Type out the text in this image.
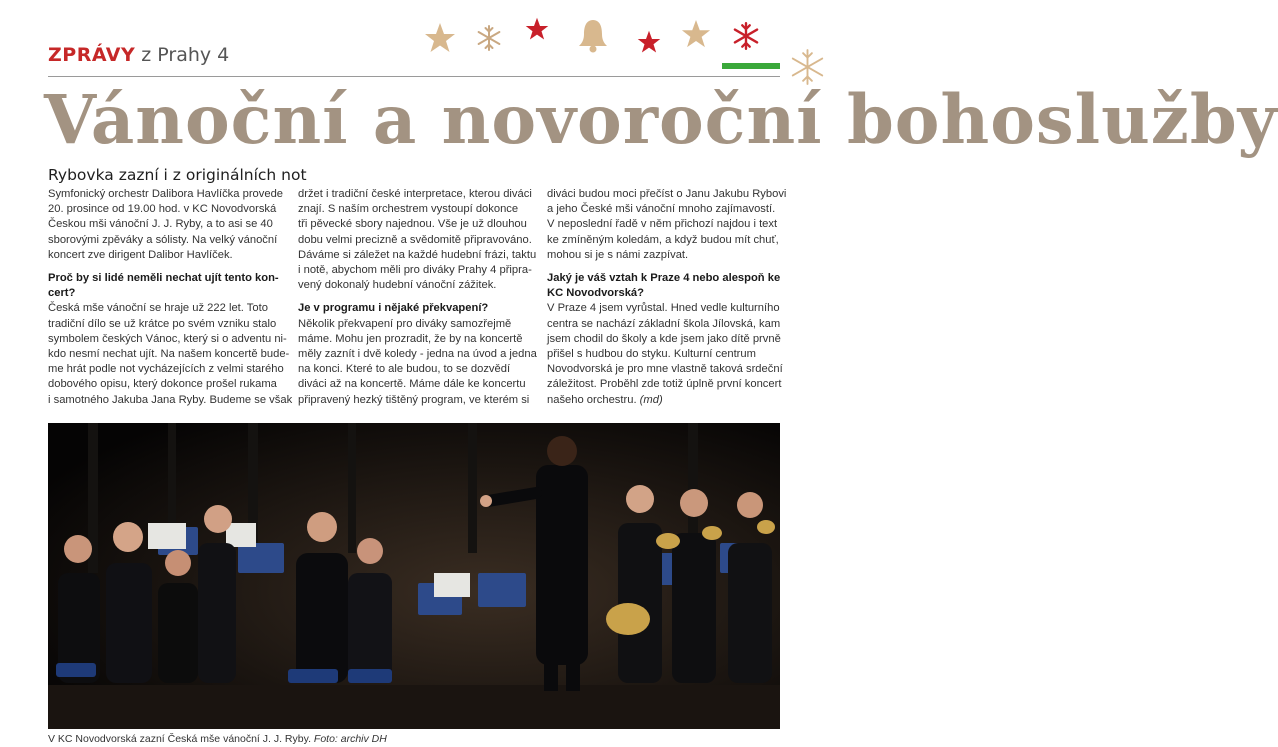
ZPRÁVY z Prahy 4
Vánoční a novoroční bohoslužby
Rybovka zazní i z originálních not
Symfonický orchestr Dalibora Havlíčka provede
20. prosince od 19.00 hod. v KC Novodvorská
Českou mši vánoční J. J. Ryby, a to asi se 40
sborovými zpěváky a sólisty. Na velký vánoční
koncert zve dirigent Dalibor Havlíček.
Proč by si lidé neměli nechat ujít tento kon-
cert?
Česká mše vánoční se hraje už 222 let. Toto
tradiční dílo se už krátce po svém vzniku stalo
symbolem českých Vánoc, který si o adventu ni-
kdo nesmí nechat ujít. Na našem koncertě bude-
me hrát podle not vycházejících z velmi starého
dobového opisu, který dokonce prošel rukama
i samotného Jakuba Jana Ryby. Budeme se však
držet i tradiční české interpretace, kterou diváci
znají. S naším orchestrem vystoupí dokonce
tři pěvecké sbory najednou. Vše je už dlouhou
dobu velmi precizně a svědomitě připravováno.
Dáváme si záležet na každé hudební frázi, taktu
i notě, abychom měli pro diváky Prahy 4 připra-
vený dokonalý hudební vánoční zážitek.
Je v programu i nějaké překvapení?
Několik překvapení pro diváky samozřejmě
máme. Mohu jen prozradit, že by na koncertě
měly zaznít i dvě koledy - jedna na úvod a jedna
na konci. Které to ale budou, to se dozvědí
diváci až na koncertě. Máme dále ke koncertu
připravený hezký tištěný program, ve kterém si
diváci budou moci přečíst o Janu Jakubu Rybovi
a jeho České mši vánoční mnoho zajímavostí.
V neposlední řadě v něm přichozí najdou i text
ke zmíněným koledám, a když budou mít chuť,
mohou si je s námi zazpívat.
Jaký je váš vztah k Praze 4 nebo alespoň ke
KC Novodvorská?
V Praze 4 jsem vyrůstal. Hned vedle kulturního
centra se nachází základní škola Jílovská, kam
jsem chodil do školy a kde jsem jako dítě prvně
přišel s hudbou do styku. Kulturní centrum
Novodvorská je pro mne vlastně taková srdeční
záležitost. Proběhl zde totiž úplně první koncert
našeho orchestru. (md)
V KC Novodvorská zazní Česká mše vánoční J. J. Ryby. Foto: archiv DH
